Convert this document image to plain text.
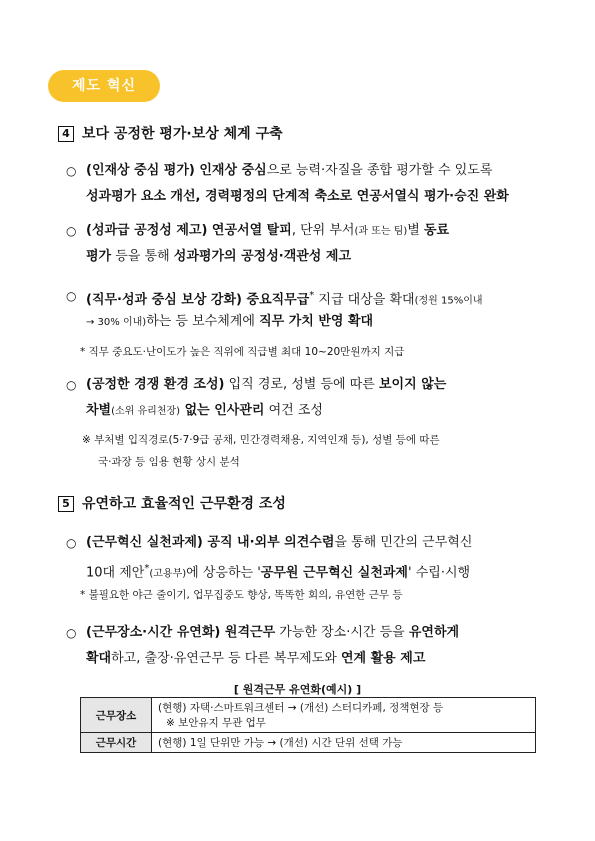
제도 혁신
4 보다 공정한 평가·보상 체계 구축
○ (인재상 중심 평가) 인재상 중심으로 능력·자질을 종합 평가할 수 있도록
성과평가 요소 개선, 경력평정의 단계적 축소로 연공서열식 평가·승진 완화
○ (성과급 공정성 제고) 연공서열 탈피, 단위 부서(과 또는 팀)별 동료
평가 등을 통해 성과평가의 공정성·객관성 제고
○ (직무·성과 중심 보상 강화) 중요직무급* 지급 대상을 확대(정원 15%이내
→ 30% 이내)하는 등 보수체계에 직무 가치 반영 확대
* 직무 중요도·난이도가 높은 직위에 직급별 최대 10~20만원까지 지급
○ (공정한 경쟁 환경 조성) 입직 경로, 성별 등에 따른 보이지 않는
차별(소위 유리천장) 없는 인사관리 여건 조성
※ 부처별 입직경로(5·7·9급 공채, 민간경력채용, 지역인재 등), 성별 등에 따른
국·과장 등 임용 현황 상시 분석
5 유연하고 효율적인 근무환경 조성
○ (근무혁신 실천과제) 공직 내·외부 의견수렴을 통해 민간의 근무혁신
10대 제안*(고용부)에 상응하는 '공무원 근무혁신 실천과제' 수립·시행
* 불필요한 야근 줄이기, 업무집중도 향상, 똑똑한 회의, 유연한 근무 등
○ (근무장소·시간 유연화) 원격근무 가능한 장소·시간 등을 유연하게
확대하고, 출장·유연근무 등 다른 복무제도와 연계 활용 제고
[ 원격근무 유연화(예시) ]
근무장소	(현행) 자택·스마트워크센터 → (개선) 스터디카페, 정책현장 등
※ 보안유지 무관 업무

근무시간	(현행) 1일 단위만 가능 → (개선) 시간 단위 선택 가능
